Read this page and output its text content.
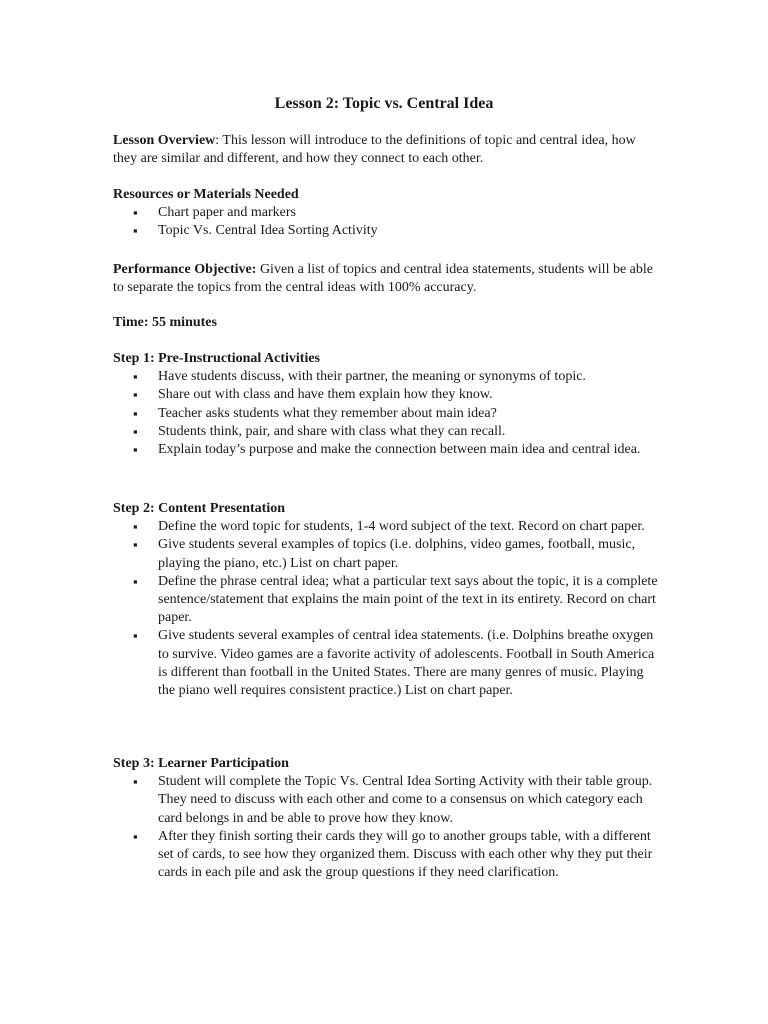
Lesson 2: Topic vs. Central Idea

Lesson Overview: This lesson will introduce to the definitions of topic and central idea, how they are similar and different, and how they connect to each other.

Resources or Materials Needed
▪ Chart paper and markers
▪ Topic Vs. Central Idea Sorting Activity

Performance Objective: Given a list of topics and central idea statements, students will be able to separate the topics from the central ideas with 100% accuracy.

Time: 55 minutes
Step 1: Pre-Instructional Activities
▪ Have students discuss, with their partner, the meaning or synonyms of topic.
▪ Share out with class and have them explain how they know.
▪ Teacher asks students what they remember about main idea?
▪ Students think, pair, and share with class what they can recall.
▪ Explain today’s purpose and make the connection between main idea and central idea.
Step 2: Content Presentation
▪ Define the word topic for students, 1-4 word subject of the text. Record on chart paper.
▪ Give students several examples of topics (i.e. dolphins, video games, football, music, playing the piano, etc.) List on chart paper.
▪ Define the phrase central idea; what a particular text says about the topic, it is a complete sentence/statement that explains the main point of the text in its entirety. Record on chart paper.
▪ Give students several examples of central idea statements. (i.e. Dolphins breathe oxygen to survive. Video games are a favorite activity of adolescents. Football in South America is different than football in the United States. There are many genres of music. Playing the piano well requires consistent practice.) List on chart paper.
Step 3: Learner Participation
▪ Student will complete the Topic Vs. Central Idea Sorting Activity with their table group. They need to discuss with each other and come to a consensus on which category each card belongs in and be able to prove how they know.
▪ After they finish sorting their cards they will go to another groups table, with a different set of cards, to see how they organized them. Discuss with each other why they put their cards in each pile and ask the group questions if they need clarification.
